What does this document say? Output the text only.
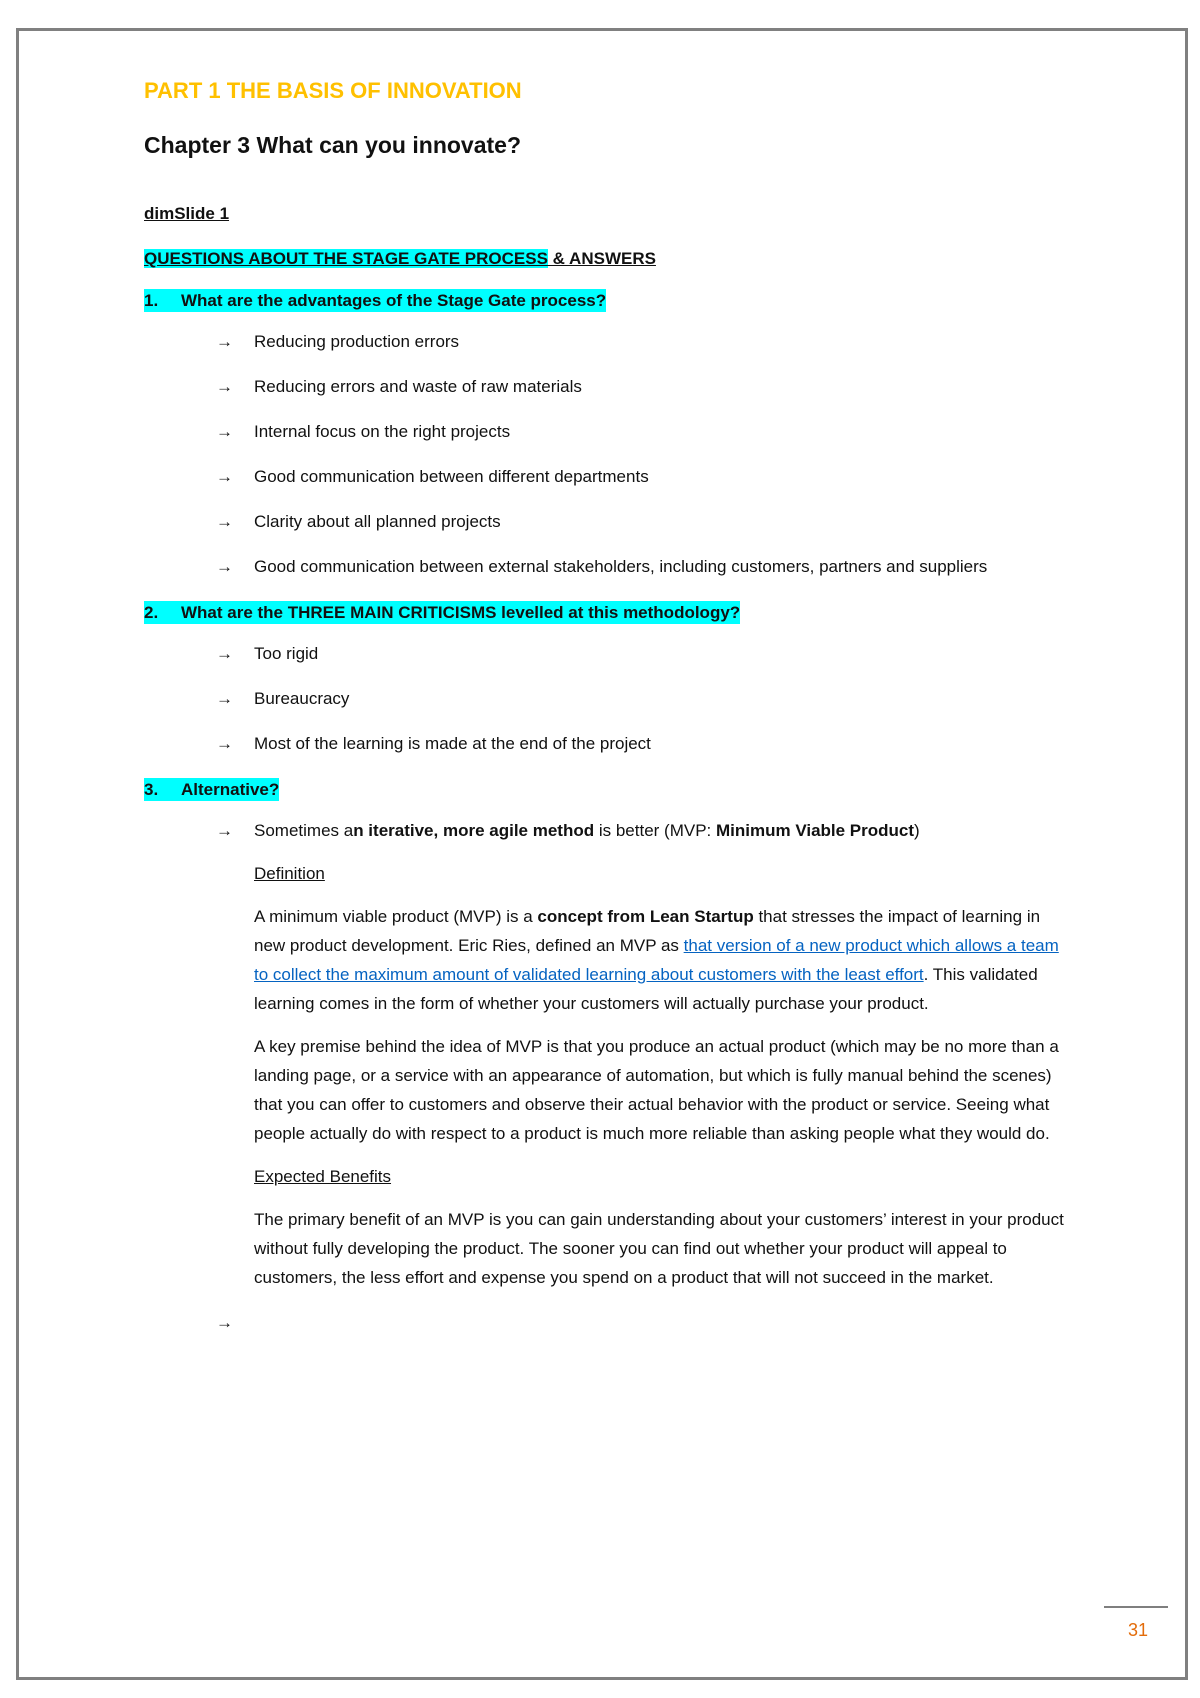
PART 1 THE BASIS OF INNOVATION
Chapter 3 What can you innovate?
dimSlide 1
QUESTIONS ABOUT THE STAGE GATE PROCESS & ANSWERS
1. What are the advantages of the Stage Gate process?
→ Reducing production errors
→ Reducing errors and waste of raw materials
→ Internal focus on the right projects
→ Good communication between different departments
→ Clarity about all planned projects
→ Good communication between external stakeholders, including customers, partners and suppliers
2. What are the THREE MAIN CRITICISMS levelled at this methodology?
→ Too rigid
→ Bureaucracy
→ Most of the learning is made at the end of the project
3. Alternative?
→ Sometimes an iterative, more agile method is better (MVP: Minimum Viable Product)
Definition
A minimum viable product (MVP) is a concept from Lean Startup that stresses the impact of learning in new product development. Eric Ries, defined an MVP as that version of a new product which allows a team to collect the maximum amount of validated learning about customers with the least effort. This validated learning comes in the form of whether your customers will actually purchase your product.
A key premise behind the idea of MVP is that you produce an actual product (which may be no more than a landing page, or a service with an appearance of automation, but which is fully manual behind the scenes) that you can offer to customers and observe their actual behavior with the product or service. Seeing what people actually do with respect to a product is much more reliable than asking people what they would do.
Expected Benefits
The primary benefit of an MVP is you can gain understanding about your customers’ interest in your product without fully developing the product. The sooner you can find out whether your product will appeal to customers, the less effort and expense you spend on a product that will not succeed in the market.
→

31
